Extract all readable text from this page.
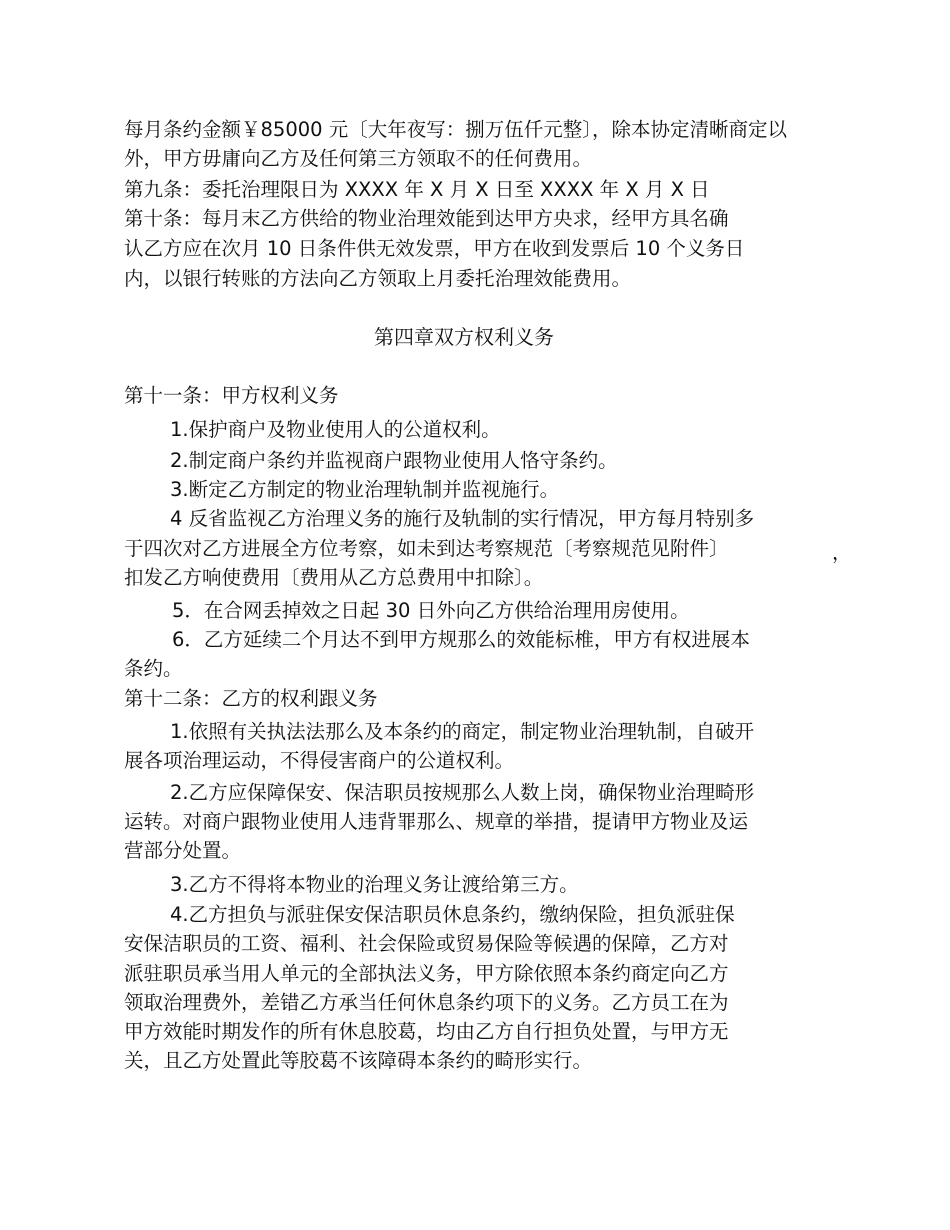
每月条约金额￥85000 元〔大年夜写：捌万伍仟元整〕，除本协定清晰商定以
外，甲方毋庸向乙方及任何第三方领取不的任何费用。
第九条：委托治理限日为 XXXX 年 X 月 X 日至 XXXX 年 X 月 X 日
第十条：每月末乙方供给的物业治理效能到达甲方央求，经甲方具名确
认乙方应在次月 10 日条件供无效发票，甲方在收到发票后 10 个义务日
内，以银行转账的方法向乙方领取上月委托治理效能费用。
第四章双方权利义务
第十一条：甲方权利义务
1.保护商户及物业使用人的公道权利。
2.制定商户条约并监视商户跟物业使用人恪守条约。
3.断定乙方制定的物业治理轨制并监视施行。
4 反省监视乙方治理义务的施行及轨制的实行情况，甲方每月特别多
于四次对乙方进展全方位考察，如未到达考察规范〔考察规范见附件〕	，
扣发乙方响使费用〔费用从乙方总费用中扣除〕。
5．在合网丢掉效之日起 30 日外向乙方供给治理用房使用。
6．乙方延续二个月达不到甲方规那么的效能标椎，甲方有权进展本
条约。
第十二条：乙方的权利跟义务
1.依照有关执法法那么及本条约的商定，制定物业治理轨制，自破开
展各项治理运动，不得侵害商户的公道权利。
2.乙方应保障保安、保洁职员按规那么人数上岗，确保物业治理畸形
运转。对商户跟物业使用人违背罪那么、规章的举措，提请甲方物业及运
营部分处置。
3.乙方不得将本物业的治理义务让渡给第三方。
4.乙方担负与派驻保安保洁职员休息条约，缴纳保险，担负派驻保
安保洁职员的工资、福利、社会保险或贸易保险等候遇的保障，乙方对
派驻职员承当用人单元的全部执法义务，甲方除依照本条约商定向乙方
领取治理费外，差错乙方承当任何休息条约项下的义务。乙方员工在为
甲方效能时期发作的所有休息胶葛，均由乙方自行担负处置，与甲方无
关，且乙方处置此等胶葛不该障碍本条约的畸形实行。
